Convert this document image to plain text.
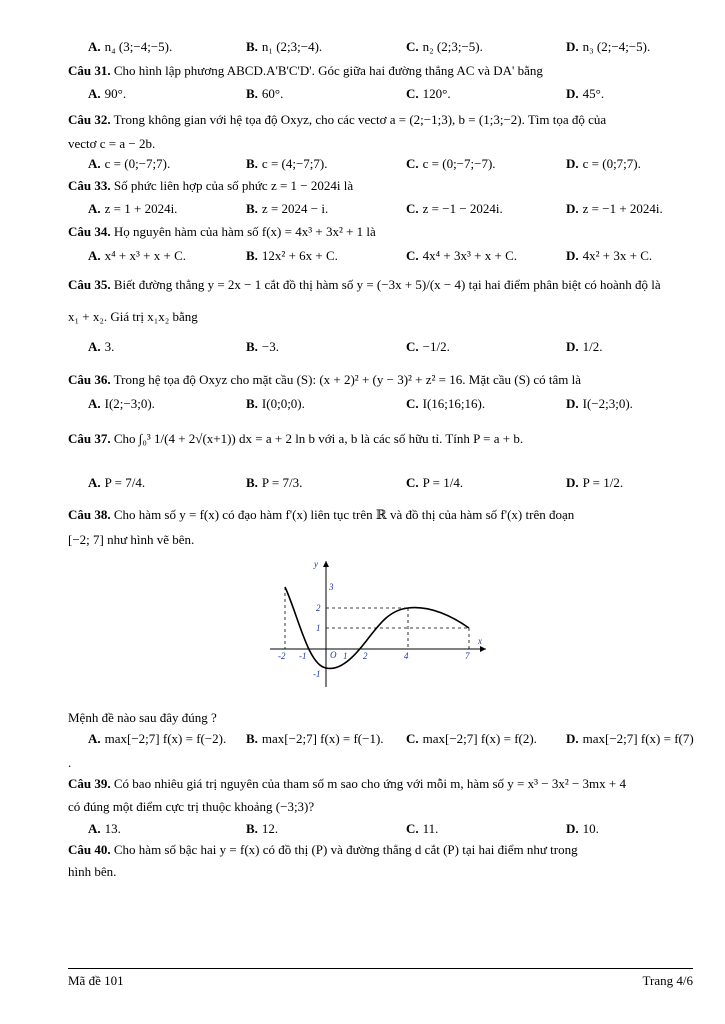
A. n₄ (3;−4;−5).	B. n₁ (2;3;−4).	C. n₂ (2;3;−5).	D. n₃ (2;−4;−5).
Câu 31. Cho hình lập phương ABCD.A'B'C'D'. Góc giữa hai đường thẳng AC và DA' bằng
A. 90°.	B. 60°.	C. 120°.	D. 45°.
Câu 32. Trong không gian với hệ tọa độ Oxyz, cho các vectơ a = (2;−1;3), b = (1;3;−2). Tìm tọa độ của
vectơ c = a − 2b.
A. c = (0;−7;7).	B. c = (4;−7;7).	C. c = (0;−7;−7).	D. c = (0;7;7).
Câu 33. Số phức liên hợp của số phức z = 1 − 2024i là
A. z = 1 + 2024i.	B. z = 2024 − i.	C. z = −1 − 2024i.	D. z = −1 + 2024i.
Câu 34. Họ nguyên hàm của hàm số f(x) = 4x³ + 3x² + 1 là
A. x⁴ + x³ + x + C.	B. 12x² + 6x + C.	C. 4x⁴ + 3x³ + x + C.	D. 4x² + 3x + C.
Câu 35. Biết đường thẳng y = 2x − 1 cắt đồ thị hàm số y = (−3x + 5)/(x − 4) tại hai điểm phân biệt có hoành độ là
x₁ + x₂. Giá trị x₁x₂ bằng
A. 3.	B. −3.	C. −1/2.	D. 1/2.
Câu 36. Trong hệ tọa độ Oxyz cho mặt cầu (S): (x + 2)² + (y − 3)² + z² = 16. Mặt cầu (S) có tâm là
A. I(2;−3;0).	B. I(0;0;0).	C. I(16;16;16).	D. I(−2;3;0).
Câu 37. Cho ∫₀³ 1/(4 + 2√(x+1)) dx = a + 2 ln b với a, b là các số hữu tỉ. Tính P = a + b.
A. P = 7/4.	B. P = 7/3.	C. P = 1/4.	D. P = 1/2.
Câu 38. Cho hàm số y = f(x) có đạo hàm f'(x) liên tục trên ℝ và đồ thị của hàm số f'(x) trên đoạn
[−2; 7] như hình vẽ bên.
x
y
O
-2 -1	1 2	4	7
3
2
1
-1
Mệnh đề nào sau đây đúng ?
A. max[−2;7] f(x) = f(−2). B. max[−2;7] f(x) = f(−1). C. max[−2;7] f(x) = f(2). D. max[−2;7] f(x) = f(7)
.
Câu 39. Có bao nhiêu giá trị nguyên của tham số m sao cho ứng với mỗi m, hàm số y = x³ − 3x² − 3mx + 4
có đúng một điểm cực trị thuộc khoảng (−3;3)?
A. 13.	B. 12.	C. 11.	D. 10.
Câu 40. Cho hàm số bậc hai y = f(x) có đồ thị (P) và đường thẳng d cắt (P) tại hai điểm như trong
hình bên.
Mã đề 101	Trang 4/6
